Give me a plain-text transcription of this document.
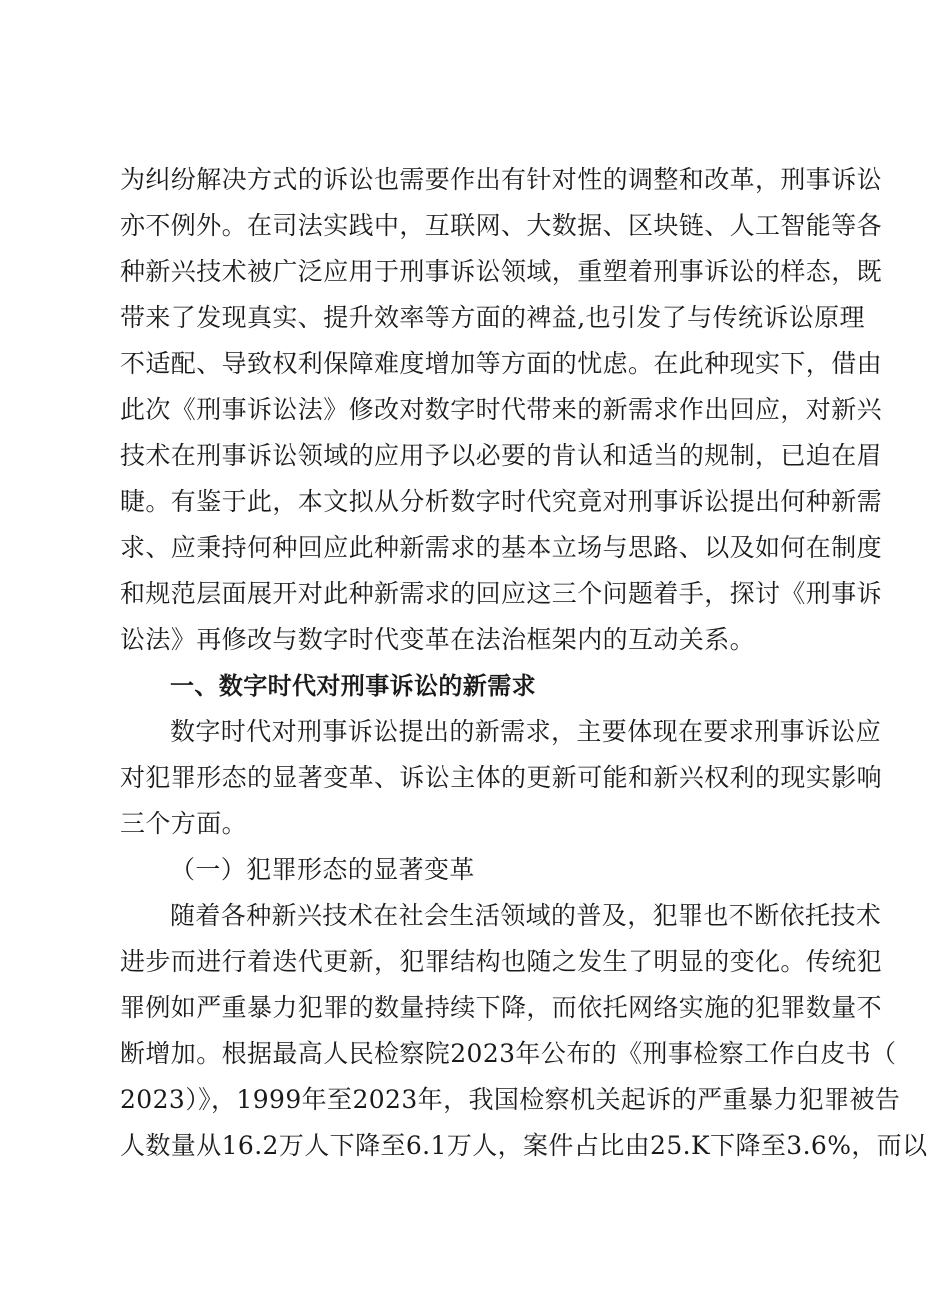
为纠纷解决方式的诉讼也需要作出有针对性的调整和改革，刑事诉讼
亦不例外。在司法实践中，互联网、大数据、区块链、人工智能等各
种新兴技术被广泛应用于刑事诉讼领域，重塑着刑事诉讼的样态，既
带来了发现真实、提升效率等方面的裨益,也引发了与传统诉讼原理
不适配、导致权利保障难度增加等方面的忧虑。在此种现实下，借由
此次《刑事诉讼法》修改对数字时代带来的新需求作出回应，对新兴
技术在刑事诉讼领域的应用予以必要的肯认和适当的规制，已迫在眉
睫。有鉴于此，本文拟从分析数字时代究竟对刑事诉讼提出何种新需
求、应秉持何种回应此种新需求的基本立场与思路、以及如何在制度
和规范层面展开对此种新需求的回应这三个问题着手，探讨《刑事诉
讼法》再修改与数字时代变革在法治框架内的互动关系。
一、数字时代对刑事诉讼的新需求
数字时代对刑事诉讼提出的新需求，主要体现在要求刑事诉讼应
对犯罪形态的显著变革、诉讼主体的更新可能和新兴权利的现实影响
三个方面。
（一）犯罪形态的显著变革
随着各种新兴技术在社会生活领域的普及，犯罪也不断依托技术
进步而进行着迭代更新，犯罪结构也随之发生了明显的变化。传统犯
罪例如严重暴力犯罪的数量持续下降，而依托网络实施的犯罪数量不
断增加。根据最高人民检察院2023年公布的《刑事检察工作白皮书（
2023）》，1999年至2023年，我国检察机关起诉的严重暴力犯罪被告
人数量从16.2万人下降至6.1万人，案件占比由25.K下降至3.6%，而以
